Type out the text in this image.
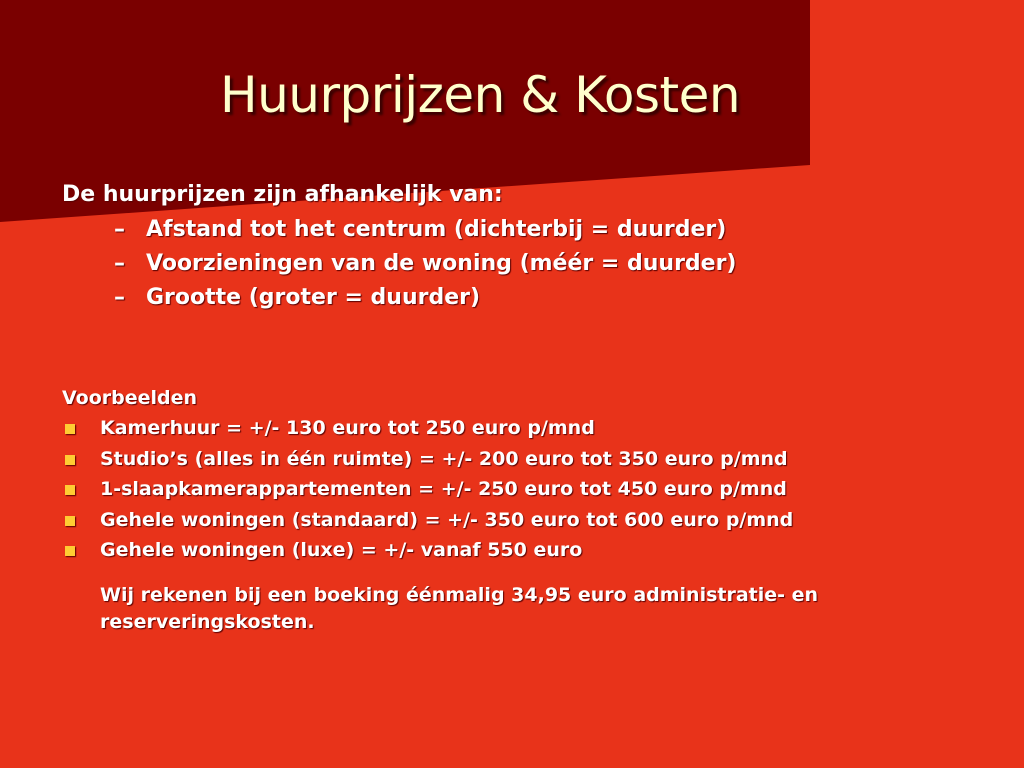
Huurprijzen & Kosten

De huurprijzen zijn afhankelijk van:

– Afstand tot het centrum (dichterbij = duurder)
– Voorzieningen van de woning (méér = duurder)
– Grootte (groter = duurder)
Voorbeelden
Kamerhuur = +/- 130 euro tot 250 euro p/mnd
Studio’s (alles in één ruimte) = +/- 200 euro tot 350 euro p/mnd
1-slaapkamerappartementen = +/- 250 euro tot 450 euro p/mnd
Gehele woningen (standaard) = +/- 350 euro tot 600 euro p/mnd
Gehele woningen (luxe) = +/- vanaf 550 euro

Wij rekenen bij een boeking éénmalig 34,95 euro administratie- en reserveringskosten.
